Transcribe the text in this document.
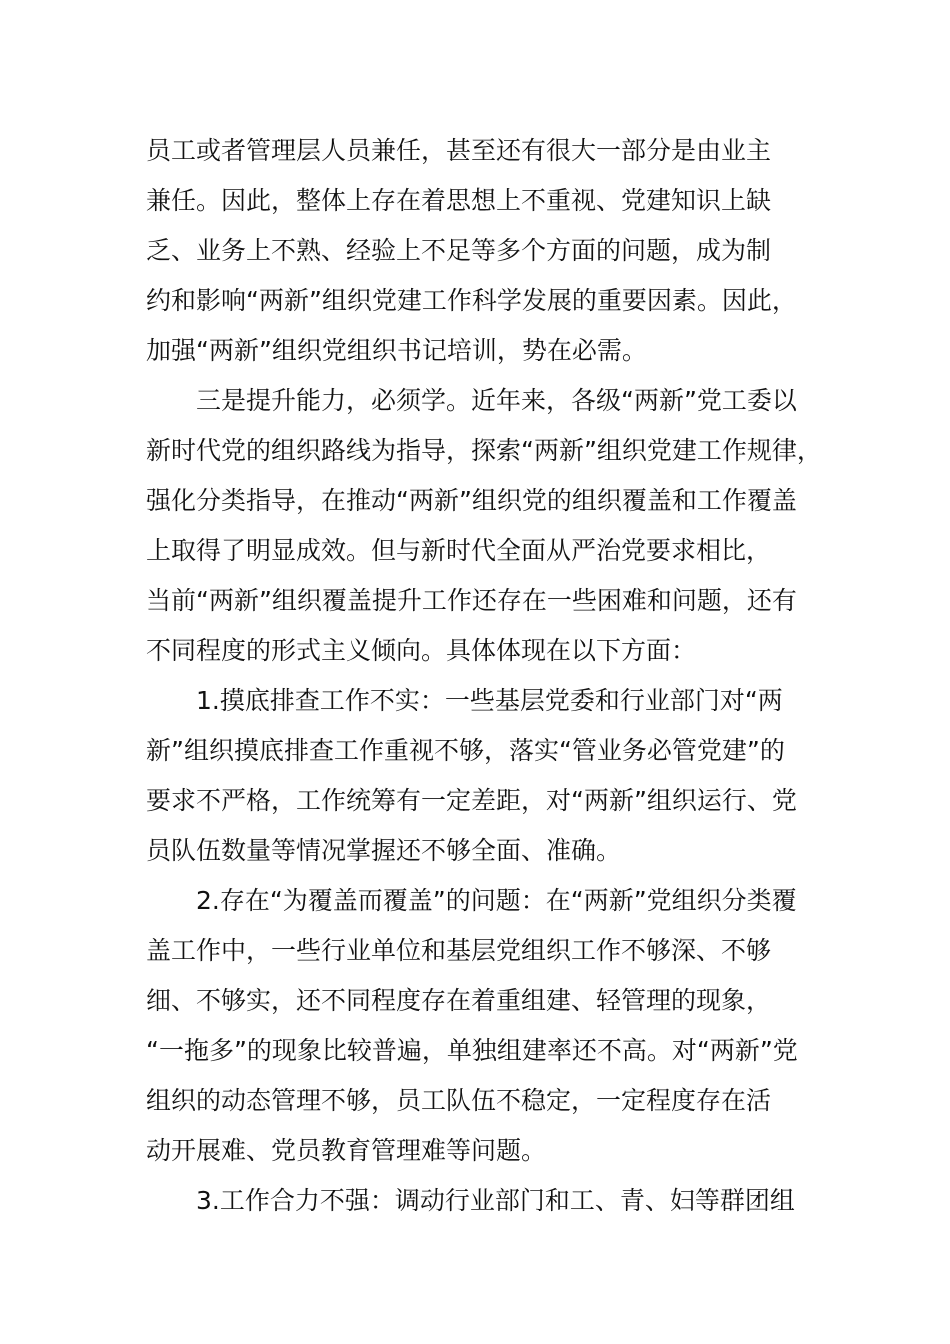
员工或者管理层人员兼任，甚至还有很大一部分是由业主

兼任。因此，整体上存在着思想上不重视、党建知识上缺

乏、业务上不熟、经验上不足等多个方面的问题，成为制

约和影响“两新”组织党建工作科学发展的重要因素。因此，

加强“两新”组织党组织书记培训，势在必需。

三是提升能力，必须学。近年来，各级“两新”党工委以

新时代党的组织路线为指导，探索“两新”组织党建工作规律，

强化分类指导，在推动“两新”组织党的组织覆盖和工作覆盖

上取得了明显成效。但与新时代全面从严治党要求相比，

当前“两新”组织覆盖提升工作还存在一些困难和问题，还有

不同程度的形式主义倾向。具体体现在以下方面：

1.摸底排查工作不实：一些基层党委和行业部门对“两

新”组织摸底排查工作重视不够，落实“管业务必管党建”的

要求不严格，工作统筹有一定差距，对“两新”组织运行、党

员队伍数量等情况掌握还不够全面、准确。

2.存在“为覆盖而覆盖”的问题：在“两新”党组织分类覆

盖工作中，一些行业单位和基层党组织工作不够深、不够

细、不够实，还不同程度存在着重组建、轻管理的现象，

“一拖多”的现象比较普遍，单独组建率还不高。对“两新”党

组织的动态管理不够，员工队伍不稳定，一定程度存在活

动开展难、党员教育管理难等问题。

3.工作合力不强：调动行业部门和工、青、妇等群团组
